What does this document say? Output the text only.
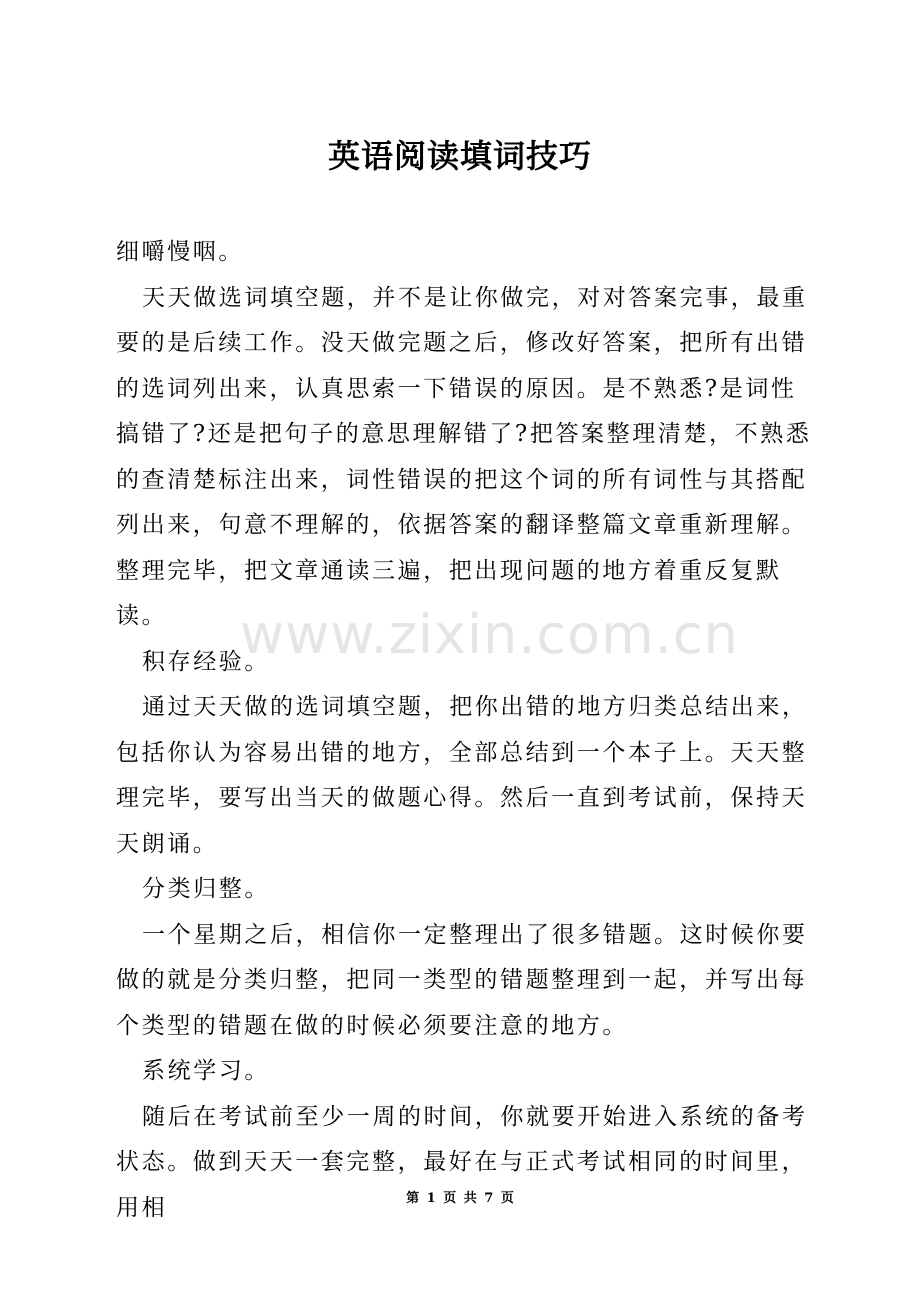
英语阅读填词技巧

细嚼慢咽。

天天做选词填空题，并不是让你做完，对对答案完事，最重要的是后续工作。没天做完题之后，修改好答案，把所有出错的选词列出来，认真思索一下错误的原因。是不熟悉?是词性搞错了?还是把句子的意思理解错了?把答案整理清楚，不熟悉的查清楚标注出来，词性错误的把这个词的所有词性与其搭配列出来，句意不理解的，依据答案的翻译整篇文章重新理解。整理完毕，把文章通读三遍，把出现问题的地方着重反复默读。

积存经验。

通过天天做的选词填空题，把你出错的地方归类总结出来，包括你认为容易出错的地方，全部总结到一个本子上。天天整理完毕，要写出当天的做题心得。然后一直到考试前，保持天天朗诵。

分类归整。

一个星期之后，相信你一定整理出了很多错题。这时候你要做的就是分类归整，把同一类型的错题整理到一起，并写出每个类型的错题在做的时候必须要注意的地方。

系统学习。

随后在考试前至少一周的时间，你就要开始进入系统的备考状态。做到天天一套完整，最好在与正式考试相同的时间里，用相

www.zixin.com.cn
第 1 页 共 7 页
